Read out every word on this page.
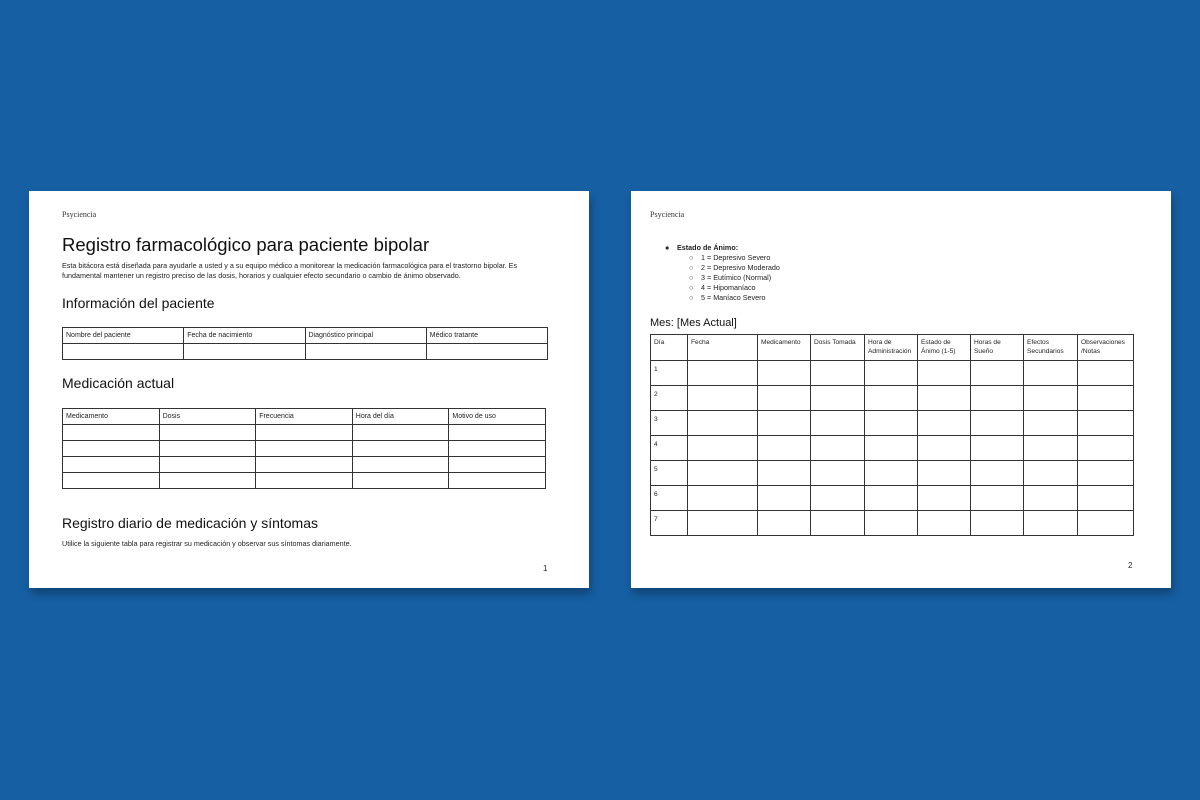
Psyciencia
Registro farmacológico para paciente bipolar
Esta bitácora está diseñada para ayudarle a usted y a su equipo médico a monitorear la medicación farmacológica para el trastorno bipolar. Es fundamental mantener un registro preciso de las dosis, horarios y cualquier efecto secundario o cambio de ánimo observado.
Información del paciente
Nombre del paciente	Fecha de nacimiento	Diagnóstico principal	Médico tratante

Medicación actual
Medicamento	Dosis	Frecuencia	Hora del día	Motivo de uso

Registro diario de medicación y síntomas
Utilice la siguiente tabla para registrar su medicación y observar sus síntomas diariamente.
1
Psyciencia
● Estado de Ánimo:
○ 1 = Depresivo Severo
○ 2 = Depresivo Moderado
○ 3 = Eutímico (Normal)
○ 4 = Hipomaníaco
○ 5 = Maníaco Severo
Mes: [Mes Actual]
Día	Fecha	Medicamento	Dosis Tomada	Hora de Administración	Estado de Ánimo (1-5)	Horas de Sueño	Efectos Secundarios	Observaciones /Notas
1								
2								
3								
4								
5								
6								
7								
2
